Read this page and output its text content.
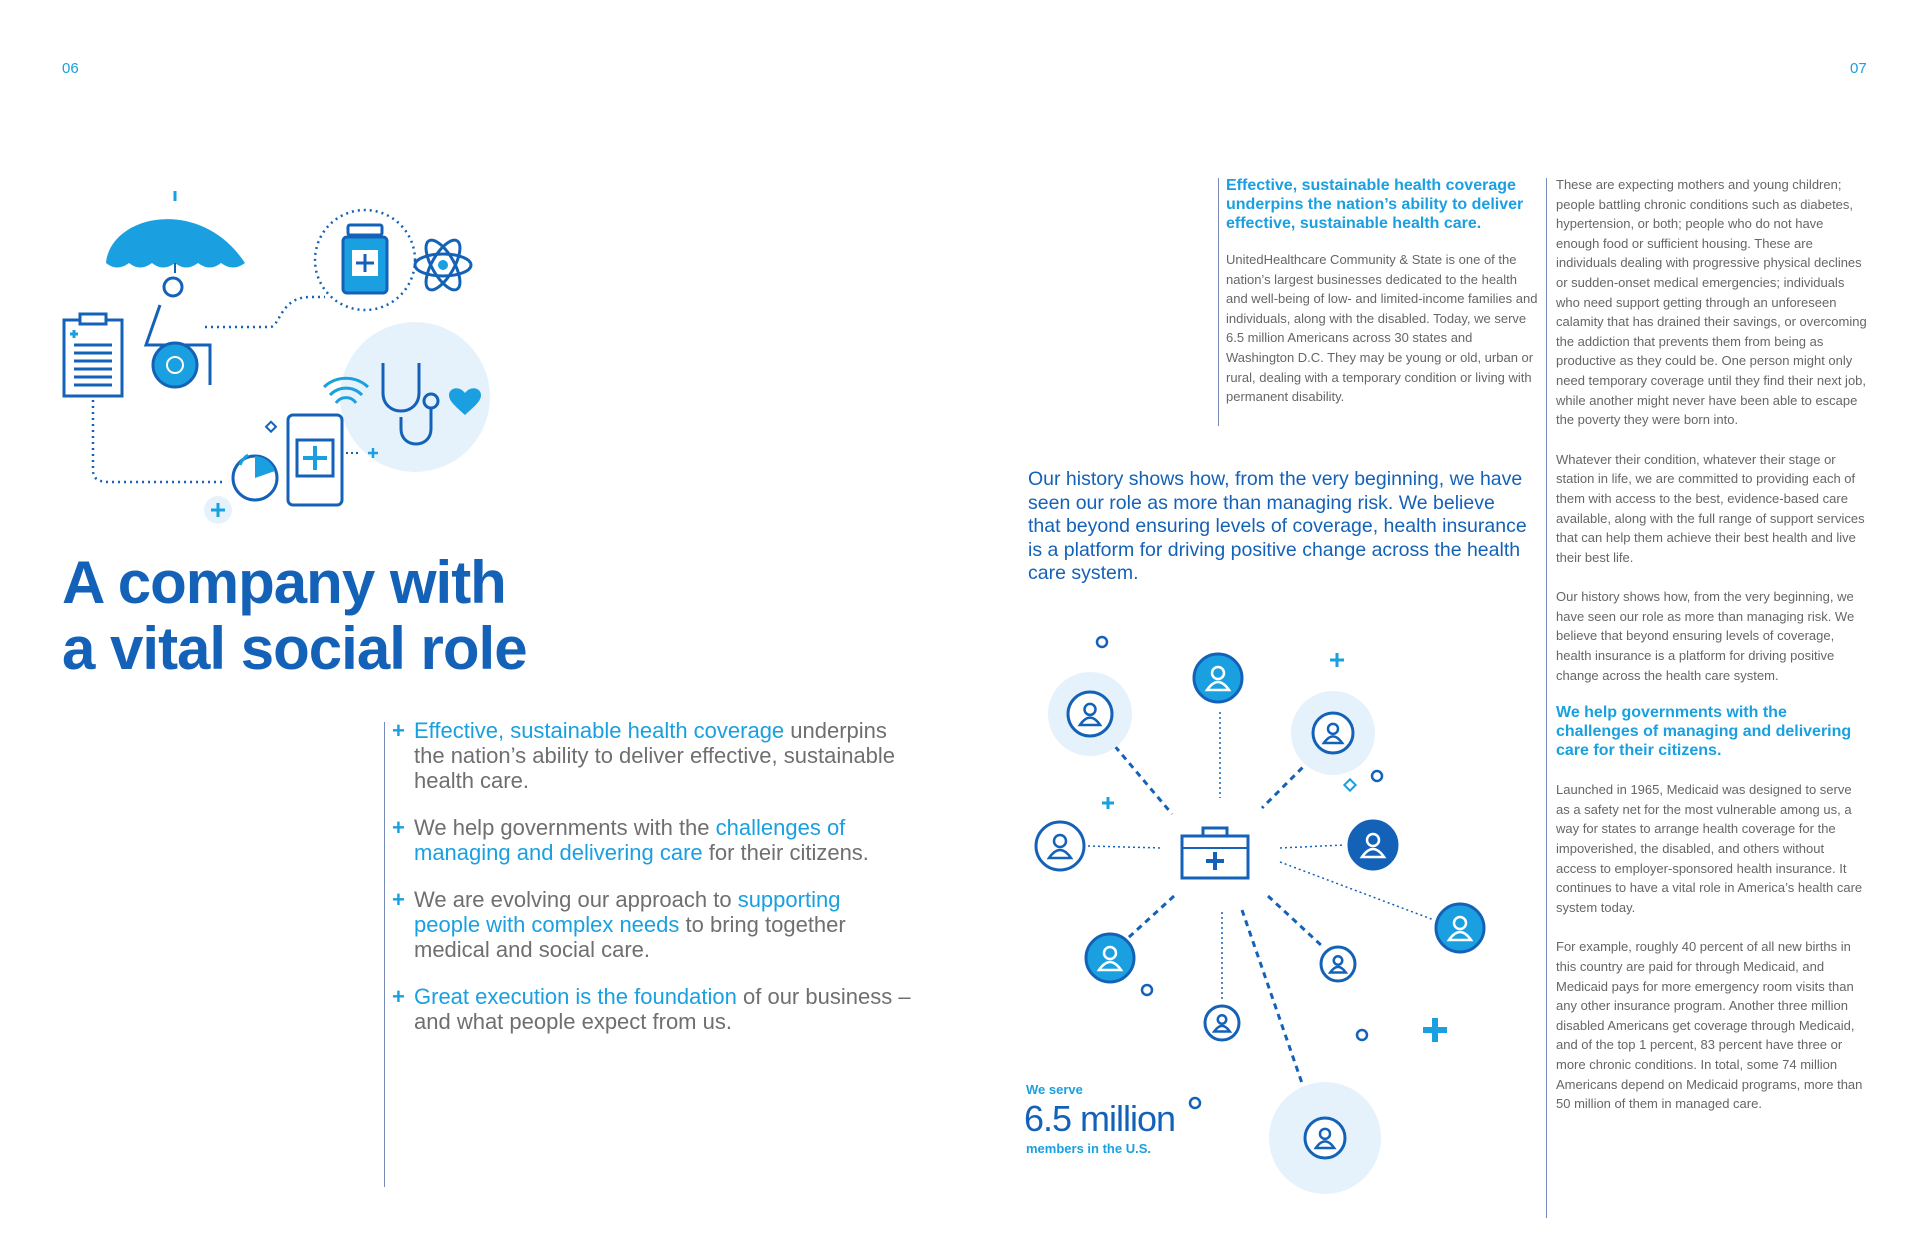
06	07
A company with
a vital social role
+ Effective, sustainable health coverage underpins the nation’s ability to deliver effective, sustainable health care.
+ We help governments with the challenges of managing and delivering care for their citizens.
+ We are evolving our approach to supporting people with complex needs to bring together medical and social care.
+ Great execution is the foundation of our business – and what people expect from us.
Effective, sustainable health coverage underpins the nation’s ability to deliver effective, sustainable health care.

UnitedHealthcare Community & State is one of the nation’s largest businesses dedicated to the health and well-being of low- and limited-income families and individuals, along with the disabled. Today, we serve 6.5 million Americans across 30 states and Washington D.C. They may be young or old, urban or rural, dealing with a temporary condition or living with permanent disability.

Our history shows how, from the very beginning, we have seen our role as more than managing risk. We believe that beyond ensuring levels of coverage, health insurance is a platform for driving positive change across the health care system.

These are expecting mothers and young children; people battling chronic conditions such as diabetes, hypertension, or both; people who do not have enough food or sufficient housing. These are individuals dealing with progressive physical declines or sudden-onset medical emergencies; individuals who need support getting through an unforeseen calamity that has drained their savings, or overcoming the addiction that prevents them from being as productive as they could be. One person might only need temporary coverage until they find their next job, while another might never have been able to escape the poverty they were born into.

Whatever their condition, whatever their stage or station in life, we are committed to providing each of them with access to the best, evidence-based care available, along with the full range of support services that can help them achieve their best health and live their best life.

Our history shows how, from the very beginning, we have seen our role as more than managing risk. We believe that beyond ensuring levels of coverage, health insurance is a platform for driving positive change across the health care system.

We help governments with the challenges of managing and delivering care for their citizens.

Launched in 1965, Medicaid was designed to serve as a safety net for the most vulnerable among us, a way for states to arrange health coverage for the impoverished, the disabled, and others without access to employer-sponsored health insurance. It continues to have a vital role in America’s health care system today.

For example, roughly 40 percent of all new births in this country are paid for through Medicaid, and Medicaid pays for more emergency room visits than any other insurance program. Another three million disabled Americans get coverage through Medicaid, and of the top 1 percent, 83 percent have three or more chronic conditions. In total, some 74 million Americans depend on Medicaid programs, more than 50 million of them in managed care.

We serve
6.5 million
members in the U.S.
